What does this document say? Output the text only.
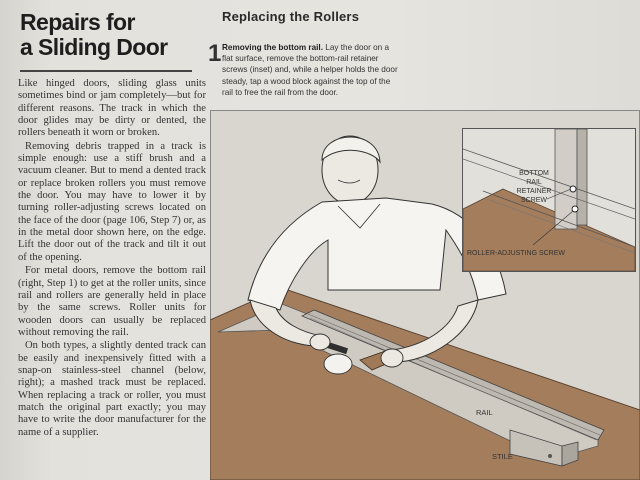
Repairs for
a Sliding Door

Like hinged doors, sliding glass units sometimes bind or jam completely—but for different reasons. The track in which the door glides may be dirty or dented, the rollers beneath it worn or broken.

Removing debris trapped in a track is simple enough: use a stiff brush and a vacuum cleaner. But to mend a dented track or replace broken rollers you must remove the door. You may have to lower it by turning roller-adjusting screws located on the face of the door (page 106, Step 7) or, as in the metal door shown here, on the edge. Lift the door out of the track and tilt it out of the opening.

For metal doors, remove the bottom rail (right, Step 1) to get at the roller units, since rail and rollers are generally held in place by the same screws. Roller units for wooden doors can usually be replaced without removing the rail.

On both types, a slightly dented track can be easily and inexpensively fitted with a snap-on stainless-steel channel (below, right); a mashed track must be replaced. When replacing a track or roller, you must match the original part exactly; you may have to write the door manufacturer for the name of a supplier.

Replacing the Rollers
1 Removing the bottom rail. Lay the door on a flat surface, remove the bottom-rail retainer screws (inset) and, while a helper holds the door steady, tap a wood block against the top of the rail to free the rail from the door.
BOTTOM
RAIL
RETAINER
SCREW
ROLLER-ADJUSTING SCREW
RAIL
STILE
